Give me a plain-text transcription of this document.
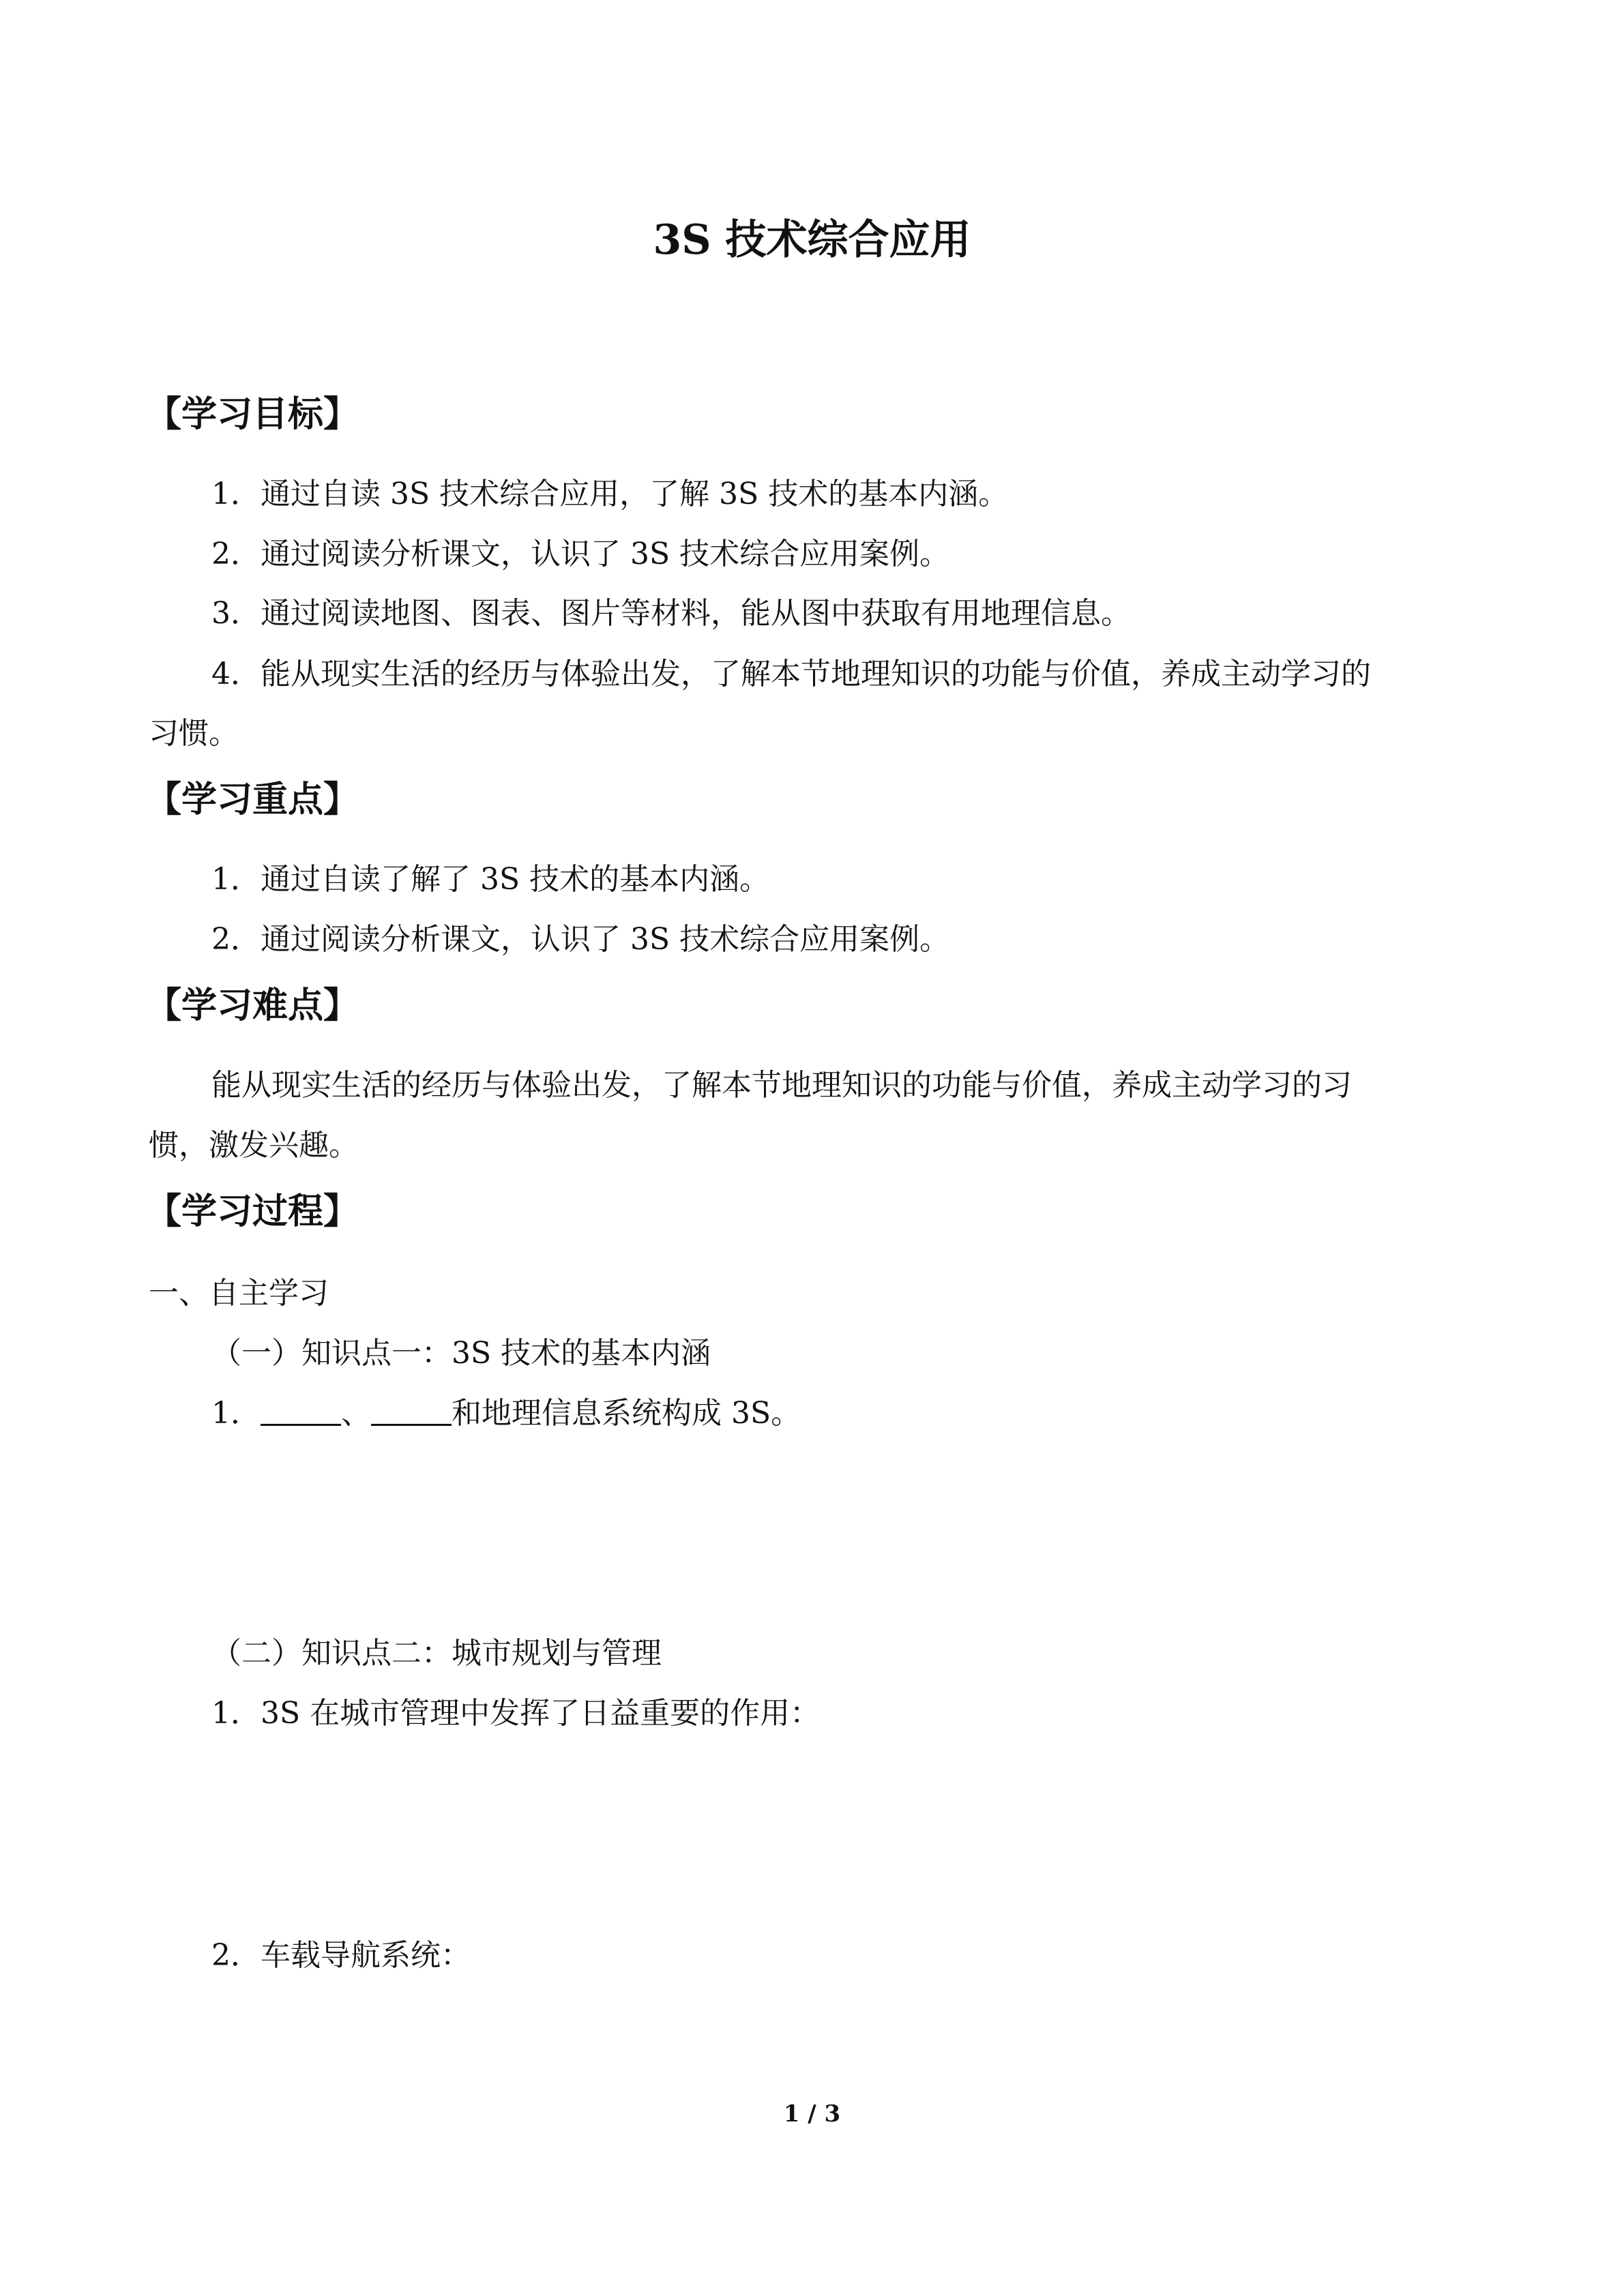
3S 技术综合应用
【学习目标】

1．通过自读 3S 技术综合应用，了解 3S 技术的基本内涵。

2．通过阅读分析课文，认识了 3S 技术综合应用案例。

3．通过阅读地图、图表、图片等材料，能从图中获取有用地理信息。

4．能从现实生活的经历与体验出发，了解本节地理知识的功能与价值，养成主动学习的

习惯。

【学习重点】

1．通过自读了解了 3S 技术的基本内涵。

2．通过阅读分析课文，认识了 3S 技术综合应用案例。

【学习难点】

能从现实生活的经历与体验出发，了解本节地理知识的功能与价值，养成主动学习的习

惯，激发兴趣。

【学习过程】

一、自主学习

（一）知识点一：3S 技术的基本内涵

1．	、	和地理信息系统构成 3S。

（二）知识点二：城市规划与管理

1．3S 在城市管理中发挥了日益重要的作用：

2．车载导航系统：

1 / 3
